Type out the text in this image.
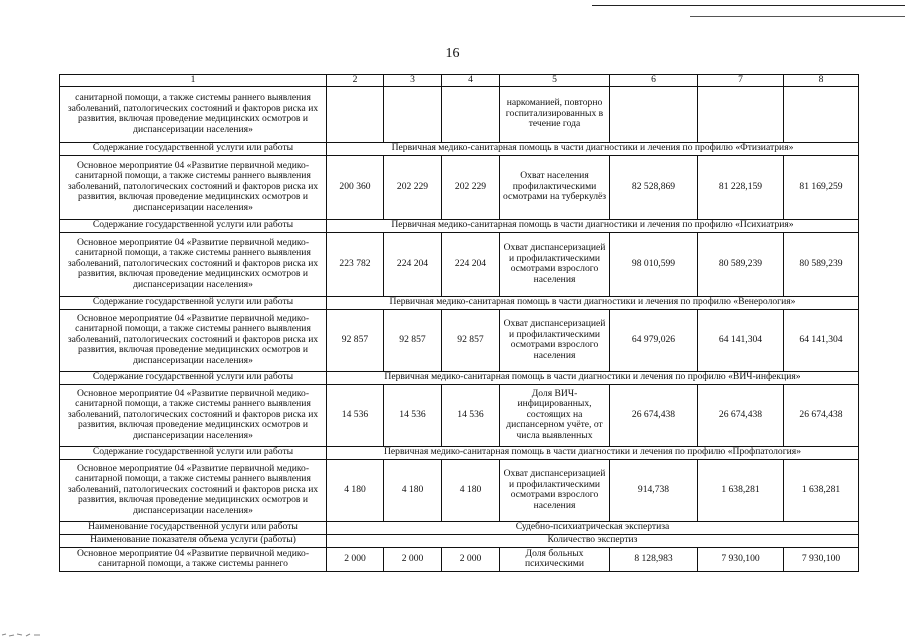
16
1	2	3	4	5	6	7	8
санитарной помощи, а также системы раннего выявления заболеваний, патологических состояний и факторов риска их развития, включая проведение медицинских осмотров и диспансеризации населения»				наркоманией, повторно госпитализированных в течение года			
Содержание государственной услуги или работы	Первичная медико-санитарная помощь в части диагностики и лечения по профилю «Фтизиатрия»						
Основное мероприятие 04 «Развитие первичной медико-санитарной помощи, а также системы раннего выявления заболеваний, патологических состояний и факторов риска их развития, включая проведение медицинских осмотров и диспансеризации населения»	200 360	202 229	202 229	Охват населения профилактическими осмотрами на туберкулёз	82 528,869	81 228,159	81 169,259
Содержание государственной услуги или работы	Первичная медико-санитарная помощь в части диагностики и лечения по профилю «Психиатрия»						
Основное мероприятие 04 «Развитие первичной медико-санитарной помощи, а также системы раннего выявления заболеваний, патологических состояний и факторов риска их развития, включая проведение медицинских осмотров и диспансеризации населения»	223 782	224 204	224 204	Охват диспансеризацией и профилактическими осмотрами взрослого населения	98 010,599	80 589,239	80 589,239
Содержание государственной услуги или работы	Первичная медико-санитарная помощь в части диагностики и лечения по профилю «Венерология»						
Основное мероприятие 04 «Развитие первичной медико-санитарной помощи, а также системы раннего выявления заболеваний, патологических состояний и факторов риска их развития, включая проведение медицинских осмотров и диспансеризации населения»	92 857	92 857	92 857	Охват диспансеризацией и профилактическими осмотрами взрослого населения	64 979,026	64 141,304	64 141,304
Содержание государственной услуги или работы	Первичная медико-санитарная помощь в части диагностики и лечения по профилю «ВИЧ-инфекция»						
Основное мероприятие 04 «Развитие первичной медико-санитарной помощи, а также системы раннего выявления заболеваний, патологических состояний и факторов риска их развития, включая проведение медицинских осмотров и диспансеризации населения»	14 536	14 536	14 536	Доля ВИЧ-инфицированных, состоящих на диспансерном учёте, от числа выявленных	26 674,438	26 674,438	26 674,438
Содержание государственной услуги или работы	Первичная медико-санитарная помощь в части диагностики и лечения по профилю «Профпатология»						
Основное мероприятие 04 «Развитие первичной медико-санитарной помощи, а также системы раннего выявления заболеваний, патологических состояний и факторов риска их развития, включая проведение медицинских осмотров и диспансеризации населения»	4 180	4 180	4 180	Охват диспансеризацией и профилактическими осмотрами взрослого населения	914,738	1 638,281	1 638,281
Наименование государственной услуги или работы	Судебно-психиатрическая экспертиза						
Наименование показателя объема услуги (работы)	Количество экспертиз						
Основное мероприятие 04 «Развитие первичной медико-санитарной помощи, а также системы раннего	2 000	2 000	2 000	Доля больных психическими	8 128,983	7 930,100	7 930,100
